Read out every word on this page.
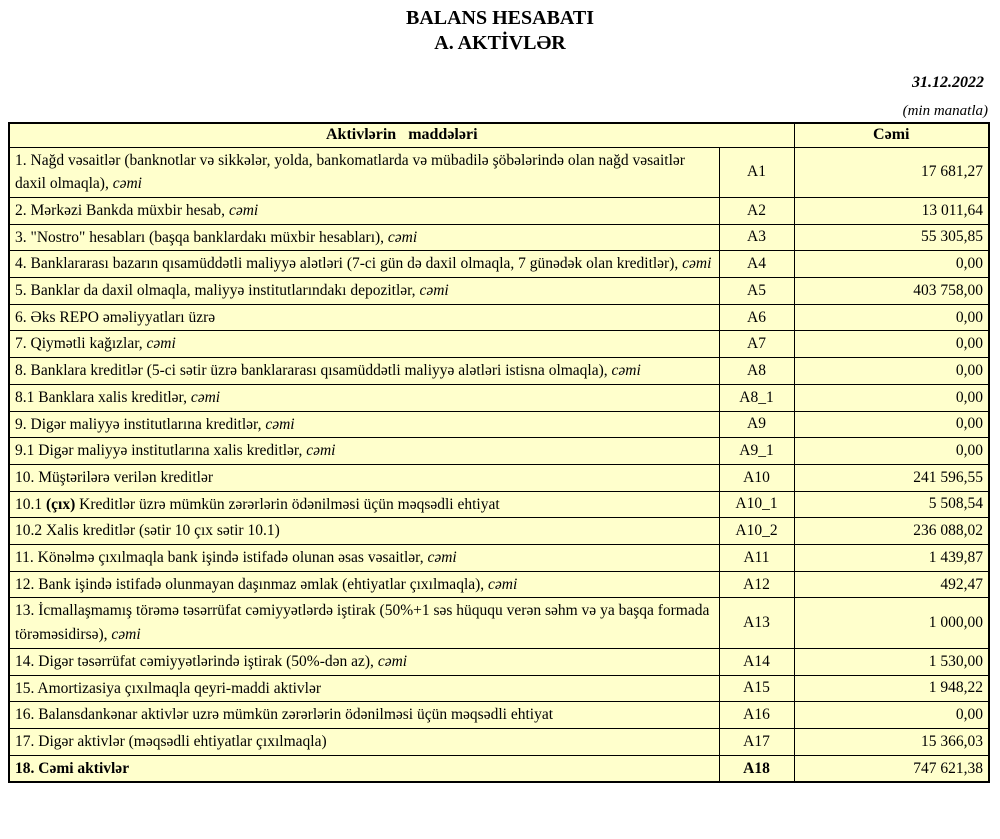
BALANS HESABATI
A. AKTİVLƏR
31.12.2022
(min manatla)
Aktivlərin   maddələri		Cəmi
1. Nağd vəsaitlər (banknotlar və sikkələr, yolda, bankomatlarda və mübadilə şöbələrində olan nağd vəsaitlər daxil olmaqla), cəmi	A1	17 681,27
2. Mərkəzi Bankda müxbir hesab, cəmi	A2	13 011,64
3. "Nostro" hesabları (başqa banklardakı müxbir hesabları), cəmi	A3	55 305,85
4. Banklararası bazarın qısamüddətli maliyyə alətləri (7-ci gün də daxil olmaqla, 7 günədək olan kreditlər), cəmi	A4	0,00
5. Banklar da daxil olmaqla, maliyyə institutlarındakı depozitlər, cəmi	A5	403 758,00
6. Əks REPO əməliyyatları üzrə	A6	0,00
7. Qiymətli kağızlar, cəmi	A7	0,00
8. Banklara kreditlər (5-ci sətir üzrə banklararası qısamüddətli maliyyə alətləri istisna olmaqla), cəmi	A8	0,00
8.1 Banklara xalis kreditlər, cəmi	A8_1	0,00
9. Digər maliyyə institutlarına kreditlər, cəmi	A9	0,00
9.1 Digər maliyyə institutlarına xalis kreditlər, cəmi	A9_1	0,00
10. Müştərilərə verilən kreditlər	A10	241 596,55
10.1 (çıx) Kreditlər üzrə mümkün zərərlərin ödənilməsi üçün məqsədli ehtiyat	A10_1	5 508,54
10.2 Xalis kreditlər (sətir 10 çıx sətir 10.1)	A10_2	236 088,02
11. Könəlmə çıxılmaqla bank işində istifadə olunan əsas vəsaitlər, cəmi	A11	1 439,87
12. Bank işində istifadə olunmayan daşınmaz əmlak (ehtiyatlar çıxılmaqla), cəmi	A12	492,47
13. İcmallaşmamış törəmə təsərrüfat cəmiyyətlərdə iştirak (50%+1 səs hüququ verən səhm və ya başqa formada törəməsidirsə), cəmi	A13	1 000,00
14. Digər təsərrüfat cəmiyyətlərində iştirak (50%-dən az), cəmi	A14	1 530,00
15. Amortizasiya çıxılmaqla qeyri-maddi aktivlər	A15	1 948,22
16. Balansdankənar aktivlər uzrə mümkün zərərlərin ödənilməsi üçün məqsədli ehtiyat	A16	0,00
17. Digər aktivlər (məqsədli ehtiyatlar çıxılmaqla)	A17	15 366,03
18. Cəmi aktivlər	A18	747 621,38
